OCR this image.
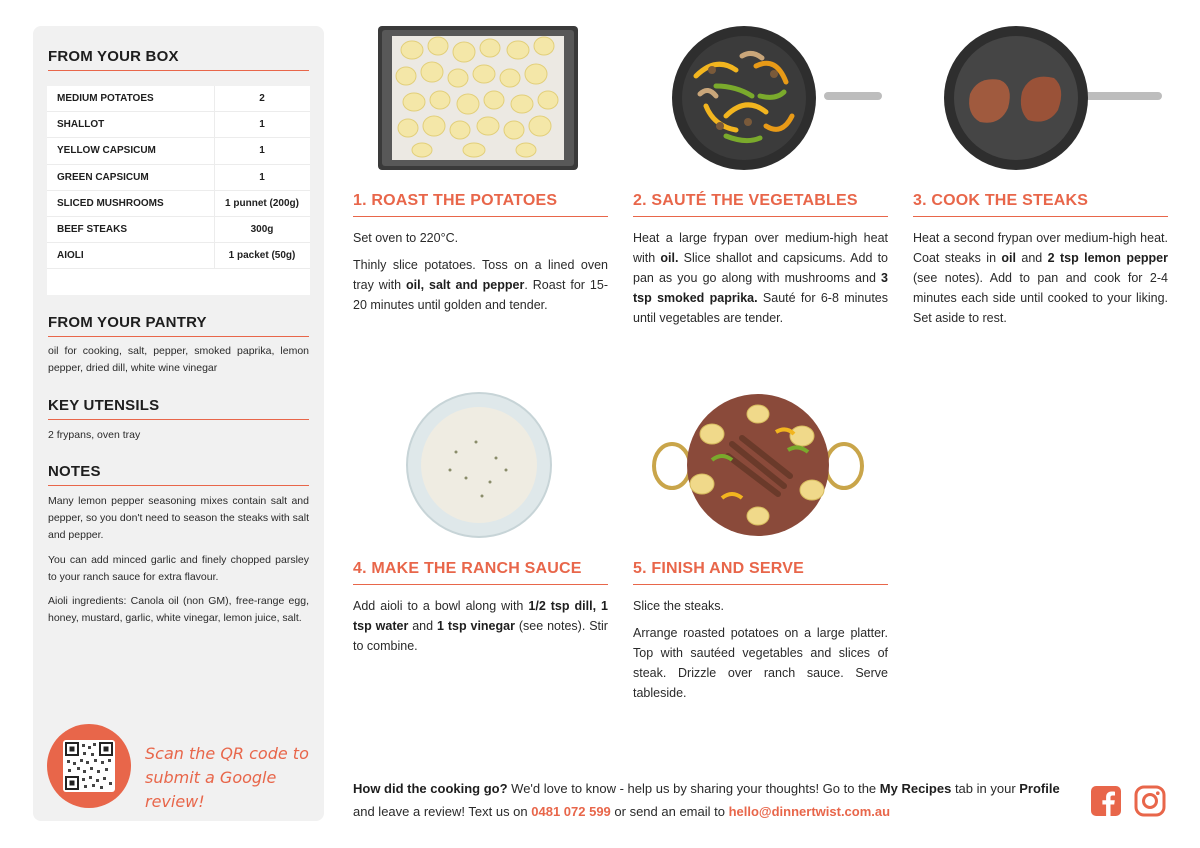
FROM YOUR BOX
MEDIUM POTATOES	2
SHALLOT	1
YELLOW CAPSICUM	1
GREEN CAPSICUM	1
SLICED MUSHROOMS	1 punnet (200g)
BEEF STEAKS	300g
AIOLI	1 packet (50g)
FROM YOUR PANTRY
oil for cooking, salt, pepper, smoked paprika, lemon pepper, dried dill, white wine vinegar
KEY UTENSILS
2 frypans, oven tray
NOTES
Many lemon pepper seasoning mixes contain salt and pepper, so you don't need to season the steaks with salt and pepper.
You can add minced garlic and finely chopped parsley to your ranch sauce for extra flavour.
Aioli ingredients: Canola oil (non GM), free-range egg, honey, mustard, garlic, white vinegar, lemon juice, salt.
Scan the QR code to submit a Google review!
1. ROAST THE POTATOES
Set oven to 220°C.
Thinly slice potatoes. Toss on a lined oven tray with oil, salt and pepper. Roast for 15-20 minutes until golden and tender.
2. SAUTÉ THE VEGETABLES
Heat a large frypan over medium-high heat with oil. Slice shallot and capsicums. Add to pan as you go along with mushrooms and 3 tsp smoked paprika. Sauté for 6-8 minutes until vegetables are tender.
3. COOK THE STEAKS
Heat a second frypan over medium-high heat. Coat steaks in oil and 2 tsp lemon pepper (see notes). Add to pan and cook for 2-4 minutes each side until cooked to your liking. Set aside to rest.
4. MAKE THE RANCH SAUCE
Add aioli to a bowl along with 1/2 tsp dill, 1 tsp water and 1 tsp vinegar (see notes). Stir to combine.
5. FINISH AND SERVE
Slice the steaks.
Arrange roasted potatoes on a large platter. Top with sautéed vegetables and slices of steak. Drizzle over ranch sauce. Serve tableside.
How did the cooking go? We'd love to know - help us by sharing your thoughts! Go to the My Recipes tab in your Profile and leave a review! Text us on 0481 072 599 or send an email to hello@dinnertwist.com.au
